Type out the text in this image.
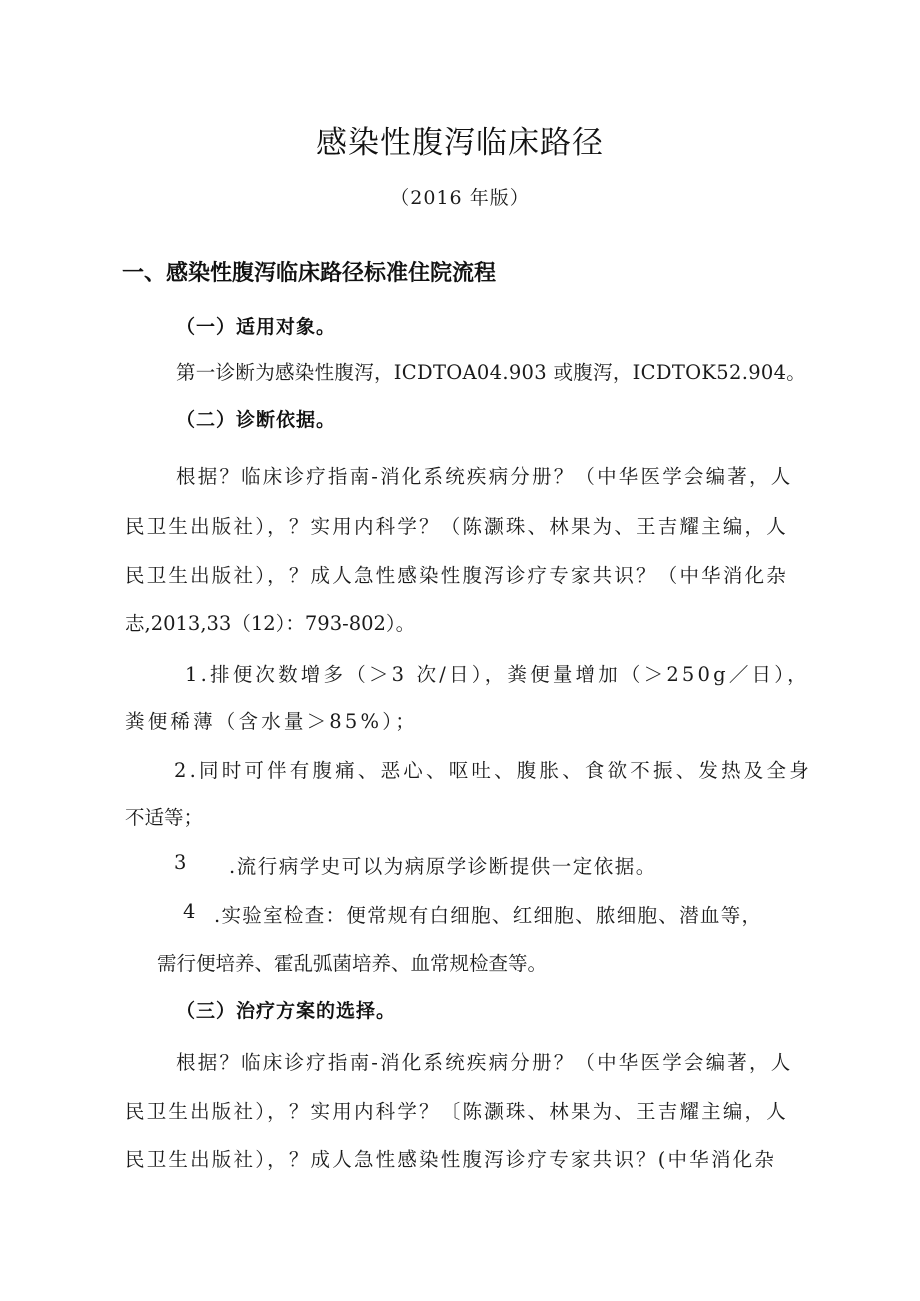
感染性腹泻临床路径
（2016 年版）
一、感染性腹泻临床路径标准住院流程
（一）适用对象。
第一诊断为感染性腹泻，ICDTOA04.903 或腹泻，ICDTOK52.904。
（二）诊断依据。
根据？临床诊疗指南-消化系统疾病分册？（中华医学会编著，人
民卫生出版社），？实用内科学？（陈灏珠、林果为、王吉耀主编，人
民卫生出版社），？成人急性感染性腹泻诊疗专家共识？（中华消化杂
志,2013,33（12）：793-802）。
1.排便次数增多（＞3 次/日），粪便量增加（＞250g／日），
粪便稀薄（含水量＞85%）；
2.同时可伴有腹痛、恶心、呕吐、腹胀、食欲不振、发热及全身
不适等；
3 .流行病学史可以为病原学诊断提供一定依据。
4 .实验室检查：便常规有白细胞、红细胞、脓细胞、潜血等，
需行便培养、霍乱弧菌培养、血常规检查等。
（三）治疗方案的选择。
根据？临床诊疗指南-消化系统疾病分册？（中华医学会编著，人
民卫生出版社），？实用内科学？〔陈灏珠、林果为、王吉耀主编，人
民卫生出版社），？成人急性感染性腹泻诊疗专家共识？(中华消化杂
